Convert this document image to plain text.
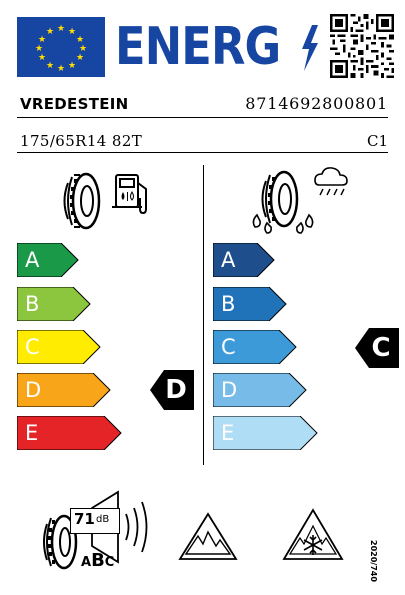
★ ★
★
★
★
★
★
★
★
★
★
★ ENERG
VREDESTEIN	8714692800801
175/65R14 82T	C1
A
B
C
D
E
D
A
B
C
D
E
C
71 dB
ABC	2020/740
